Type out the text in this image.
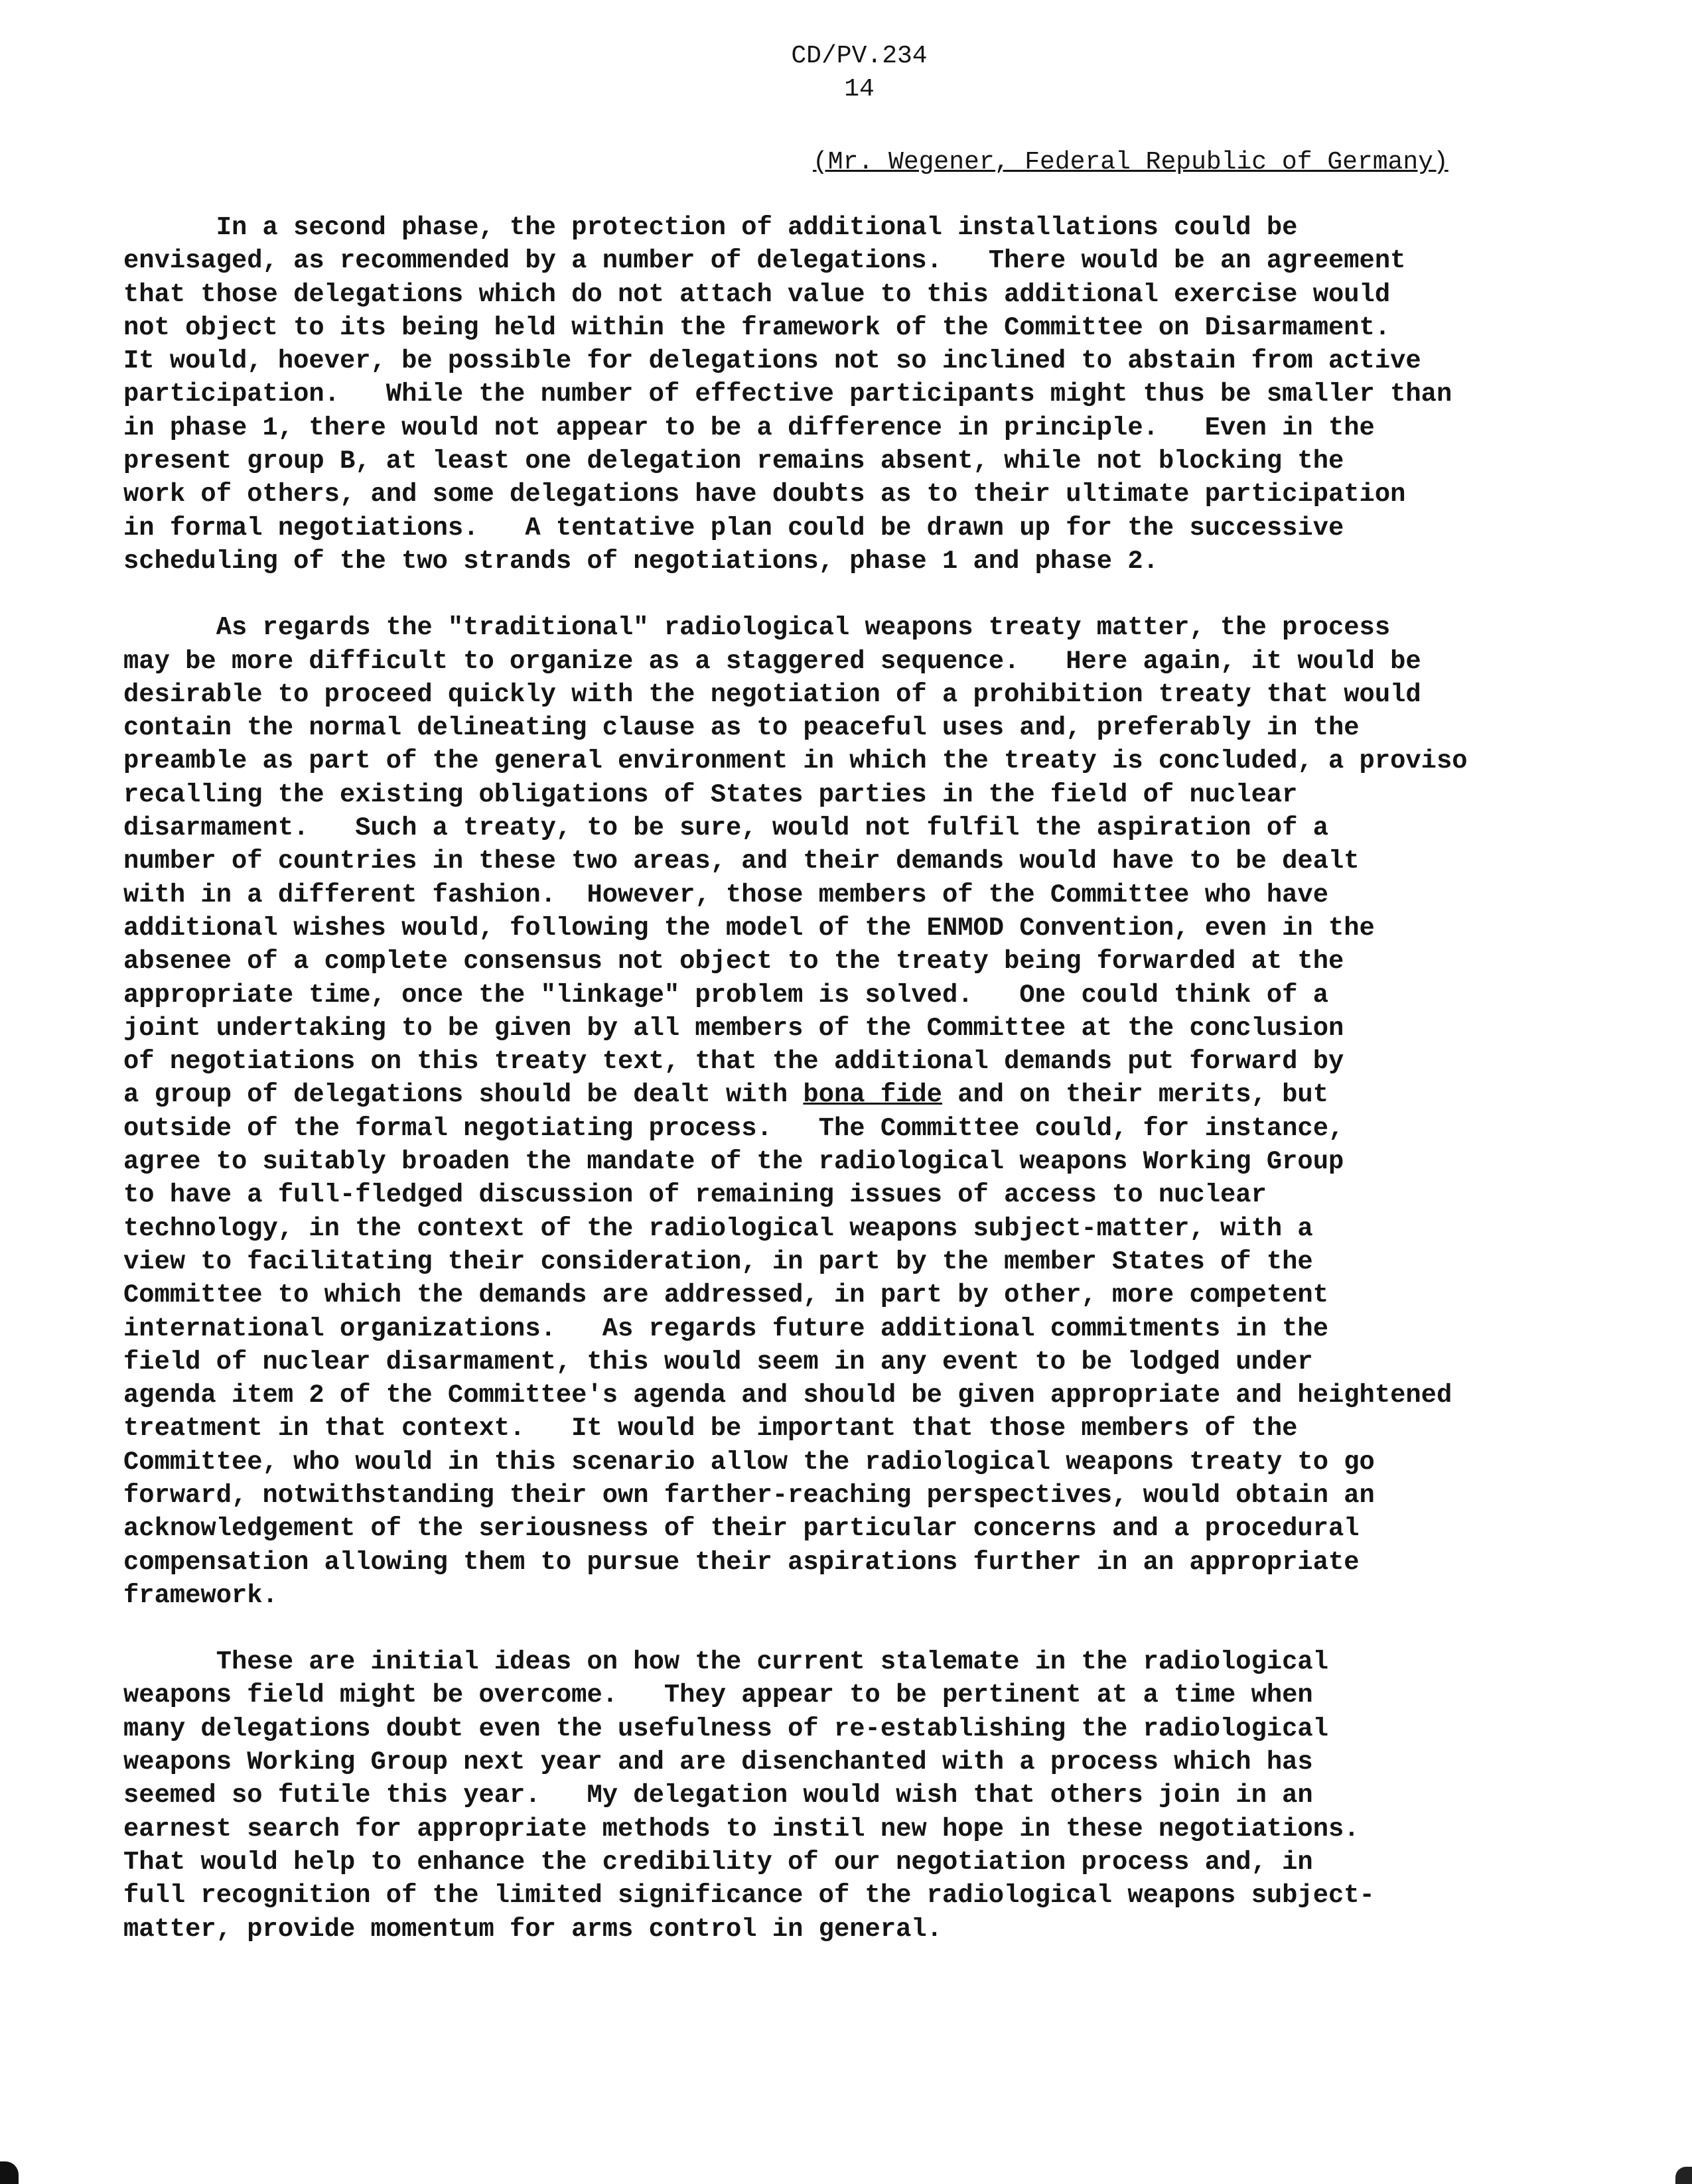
CD/PV.234
14
(Mr. Wegener, Federal Republic of Germany)
In a second phase, the protection of additional installations could be
envisaged, as recommended by a number of delegations.   There would be an agreement
that those delegations which do not attach value to this additional exercise would
not object to its being held within the framework of the Committee on Disarmament.
It would, hoever, be possible for delegations not so inclined to abstain from active
participation.   While the number of effective participants might thus be smaller than
in phase 1, there would not appear to be a difference in principle.   Even in the
present group B, at least one delegation remains absent, while not blocking the
work of others, and some delegations have doubts as to their ultimate participation
in formal negotiations.   A tentative plan could be drawn up for the successive
scheduling of the two strands of negotiations, phase 1 and phase 2.
As regards the "traditional" radiological weapons treaty matter, the process
may be more difficult to organize as a staggered sequence.   Here again, it would be
desirable to proceed quickly with the negotiation of a prohibition treaty that would
contain the normal delineating clause as to peaceful uses and, preferably in the
preamble as part of the general environment in which the treaty is concluded, a proviso
recalling the existing obligations of States parties in the field of nuclear
disarmament.   Such a treaty, to be sure, would not fulfil the aspiration of a
number of countries in these two areas, and their demands would have to be dealt
with in a different fashion.  However, those members of the Committee who have
additional wishes would, following the model of the ENMOD Convention, even in the
absenee of a complete consensus not object to the treaty being forwarded at the
appropriate time, once the "linkage" problem is solved.   One could think of a
joint undertaking to be given by all members of the Committee at the conclusion
of negotiations on this treaty text, that the additional demands put forward by
a group of delegations should be dealt with bona fide and on their merits, but
outside of the formal negotiating process.   The Committee could, for instance,
agree to suitably broaden the mandate of the radiological weapons Working Group
to have a full-fledged discussion of remaining issues of access to nuclear
technology, in the context of the radiological weapons subject-matter, with a
view to facilitating their consideration, in part by the member States of the
Committee to which the demands are addressed, in part by other, more competent
international organizations.   As regards future additional commitments in the
field of nuclear disarmament, this would seem in any event to be lodged under
agenda item 2 of the Committee's agenda and should be given appropriate and heightened
treatment in that context.   It would be important that those members of the
Committee, who would in this scenario allow the radiological weapons treaty to go
forward, notwithstanding their own farther-reaching perspectives, would obtain an
acknowledgement of the seriousness of their particular concerns and a procedural
compensation allowing them to pursue their aspirations further in an appropriate
framework.
These are initial ideas on how the current stalemate in the radiological
weapons field might be overcome.   They appear to be pertinent at a time when
many delegations doubt even the usefulness of re-establishing the radiological
weapons Working Group next year and are disenchanted with a process which has
seemed so futile this year.   My delegation would wish that others join in an
earnest search for appropriate methods to instil new hope in these negotiations.
That would help to enhance the credibility of our negotiation process and, in
full recognition of the limited significance of the radiological weapons subject-
matter, provide momentum for arms control in general.
